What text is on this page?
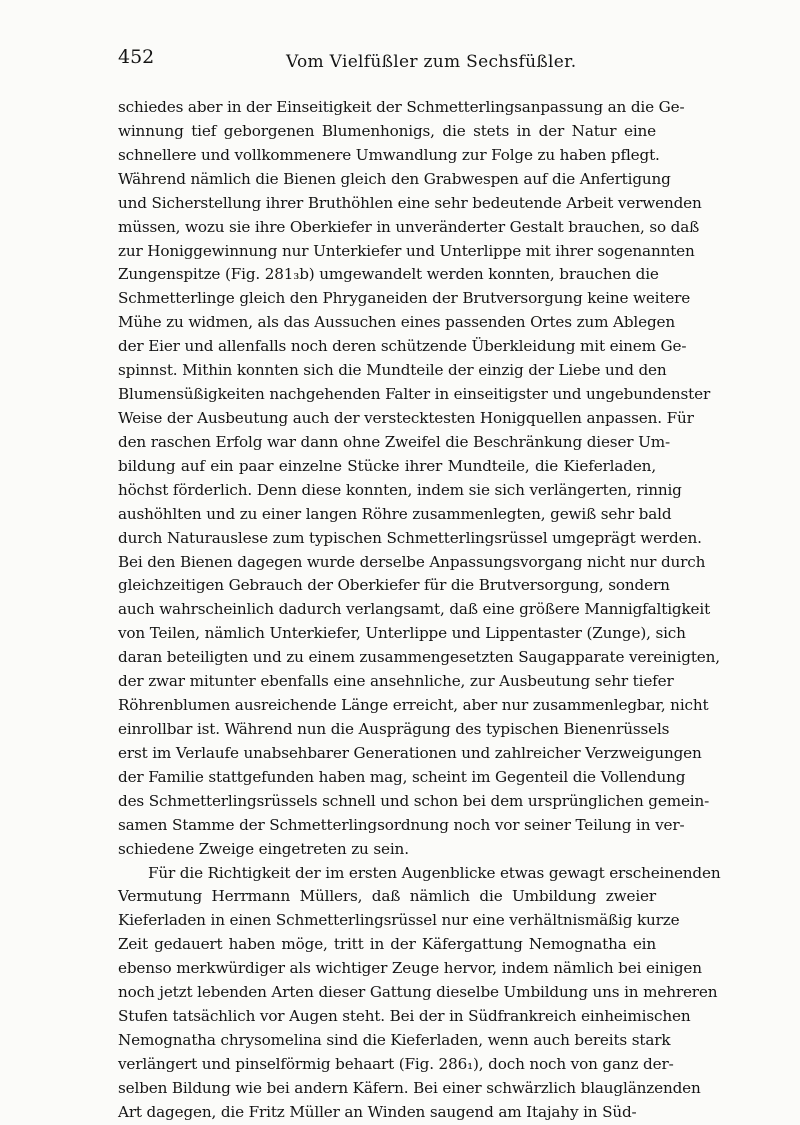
452	Vom Vielfüßler zum Sechsfüßler.
schiedes aber in der Einseitigkeit der Schmetterlingsanpassung an die Ge-
winnung tief geborgenen Blumenhonigs, die stets in der Natur eine
schnellere und vollkommenere Umwandlung zur Folge zu haben pflegt.
Während nämlich die Bienen gleich den Grabwespen auf die Anfertigung
und Sicherstellung ihrer Bruthöhlen eine sehr bedeutende Arbeit verwenden
müssen, wozu sie ihre Oberkiefer in unveränderter Gestalt brauchen, so daß
zur Honiggewinnung nur Unterkiefer und Unterlippe mit ihrer sogenannten
Zungenspitze (Fig. 281₃b) umgewandelt werden konnten, brauchen die
Schmetterlinge gleich den Phryganeiden der Brutversorgung keine weitere
Mühe zu widmen, als das Aussuchen eines passenden Ortes zum Ablegen
der Eier und allenfalls noch deren schützende Überkleidung mit einem Ge-
spinnst. Mithin konnten sich die Mundteile der einzig der Liebe und den
Blumensüßigkeiten nachgehenden Falter in einseitigster und ungebundenster
Weise der Ausbeutung auch der verstecktesten Honigquellen anpassen. Für
den raschen Erfolg war dann ohne Zweifel die Beschränkung dieser Um-
bildung auf ein paar einzelne Stücke ihrer Mundteile, die Kieferladen,
höchst förderlich. Denn diese konnten, indem sie sich verlängerten, rinnig
aushöhlten und zu einer langen Röhre zusammenlegten, gewiß sehr bald
durch Naturauslese zum typischen Schmetterlingsrüssel umgeprägt werden.
Bei den Bienen dagegen wurde derselbe Anpassungsvorgang nicht nur durch
gleichzeitigen Gebrauch der Oberkiefer für die Brutversorgung, sondern
auch wahrscheinlich dadurch verlangsamt, daß eine größere Mannigfaltigkeit
von Teilen, nämlich Unterkiefer, Unterlippe und Lippentaster (Zunge), sich
daran beteiligten und zu einem zusammengesetzten Saugapparate vereinigten,
der zwar mitunter ebenfalls eine ansehnliche, zur Ausbeutung sehr tiefer
Röhrenblumen ausreichende Länge erreicht, aber nur zusammenlegbar, nicht
einrollbar ist. Während nun die Ausprägung des typischen Bienenrüssels
erst im Verlaufe unabsehbarer Generationen und zahlreicher Verzweigungen
der Familie stattgefunden haben mag, scheint im Gegenteil die Vollendung
des Schmetterlingsrüssels schnell und schon bei dem ursprünglichen gemein-
samen Stamme der Schmetterlingsordnung noch vor seiner Teilung in ver-
schiedene Zweige eingetreten zu sein.
Für die Richtigkeit der im ersten Augenblicke etwas gewagt erscheinenden
Vermutung Herrmann Müllers, daß nämlich die Umbildung zweier
Kieferladen in einen Schmetterlingsrüssel nur eine verhältnismäßig kurze
Zeit gedauert haben möge, tritt in der Käfergattung Nemognatha ein
ebenso merkwürdiger als wichtiger Zeuge hervor, indem nämlich bei einigen
noch jetzt lebenden Arten dieser Gattung dieselbe Umbildung uns in mehreren
Stufen tatsächlich vor Augen steht. Bei der in Südfrankreich einheimischen
Nemognatha chrysomelina sind die Kieferladen, wenn auch bereits stark
verlängert und pinselförmig behaart (Fig. 286₁), doch noch von ganz der-
selben Bildung wie bei andern Käfern. Bei einer schwärzlich blauglänzenden
Art dagegen, die Fritz Müller an Winden saugend am Itajahy in Süd-
